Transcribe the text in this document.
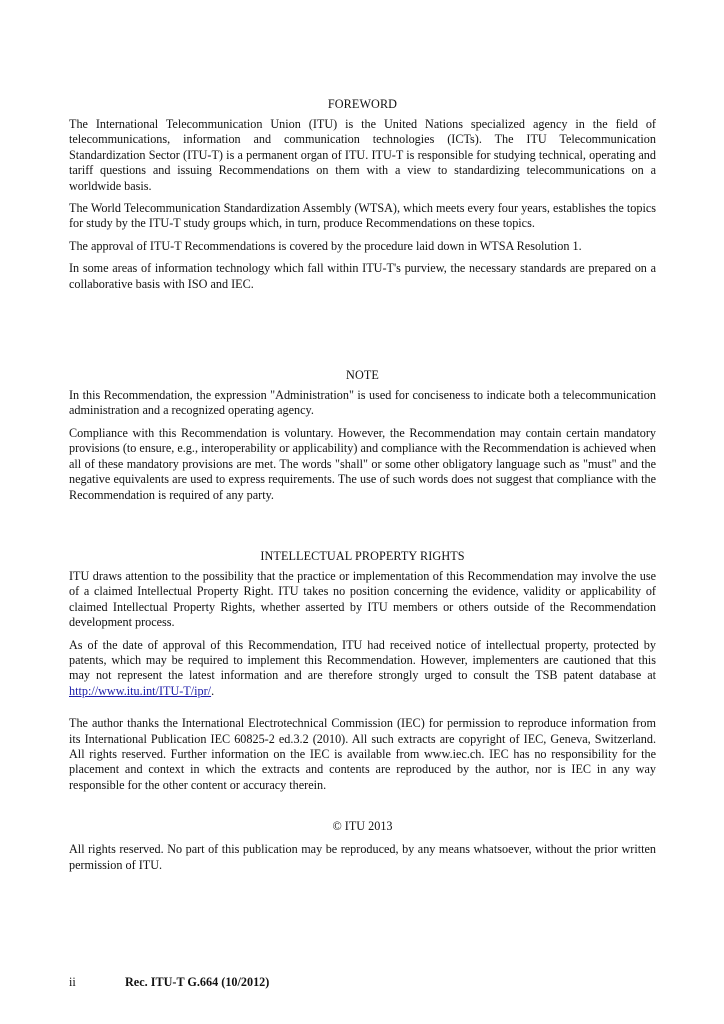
FOREWORD

The International Telecommunication Union (ITU) is the United Nations specialized agency in the field of telecommunications, information and communication technologies (ICTs). The ITU Telecommunication Standardization Sector (ITU-T) is a permanent organ of ITU. ITU-T is responsible for studying technical, operating and tariff questions and issuing Recommendations on them with a view to standardizing telecommunications on a worldwide basis.

The World Telecommunication Standardization Assembly (WTSA), which meets every four years, establishes the topics for study by the ITU-T study groups which, in turn, produce Recommendations on these topics.

The approval of ITU-T Recommendations is covered by the procedure laid down in WTSA Resolution 1.

In some areas of information technology which fall within ITU-T's purview, the necessary standards are prepared on a collaborative basis with ISO and IEC.

NOTE

In this Recommendation, the expression "Administration" is used for conciseness to indicate both a telecommunication administration and a recognized operating agency.

Compliance with this Recommendation is voluntary. However, the Recommendation may contain certain mandatory provisions (to ensure, e.g., interoperability or applicability) and compliance with the Recommendation is achieved when all of these mandatory provisions are met. The words "shall" or some other obligatory language such as "must" and the negative equivalents are used to express requirements. The use of such words does not suggest that compliance with the Recommendation is required of any party.

INTELLECTUAL PROPERTY RIGHTS

ITU draws attention to the possibility that the practice or implementation of this Recommendation may involve the use of a claimed Intellectual Property Right. ITU takes no position concerning the evidence, validity or applicability of claimed Intellectual Property Rights, whether asserted by ITU members or others outside of the Recommendation development process.

As of the date of approval of this Recommendation, ITU had received notice of intellectual property, protected by patents, which may be required to implement this Recommendation. However, implementers are cautioned that this may not represent the latest information and are therefore strongly urged to consult the TSB patent database at http://www.itu.int/ITU-T/ipr/.

The author thanks the International Electrotechnical Commission (IEC) for permission to reproduce information from its International Publication IEC 60825-2 ed.3.2 (2010). All such extracts are copyright of IEC, Geneva, Switzerland. All rights reserved. Further information on the IEC is available from www.iec.ch. IEC has no responsibility for the placement and context in which the extracts and contents are reproduced by the author, nor is IEC in any way responsible for the other content or accuracy therein.

© ITU 2013

All rights reserved. No part of this publication may be reproduced, by any means whatsoever, without the prior written permission of ITU.

ii	Rec. ITU-T G.664 (10/2012)
